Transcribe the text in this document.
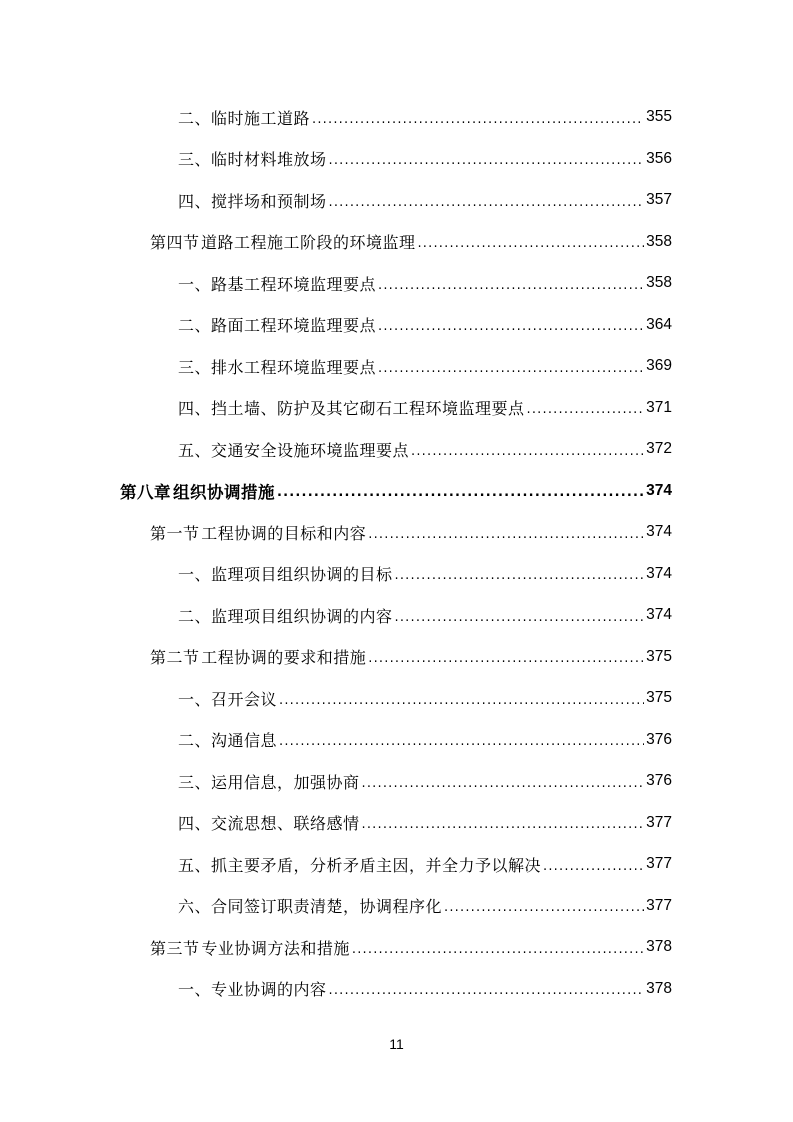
二、临时施工道路 .....	355
三、临时材料堆放场 .....	356
四、搅拌场和预制场 .....	357
第四节 道路工程施工阶段的环境监理 .....	358
一、路基工程环境监理要点 .....	358
二、路面工程环境监理要点 .....	364
三、排水工程环境监理要点 .....	369
四、挡土墙、防护及其它砌石工程环境监理要点 .....	371
五、交通安全设施环境监理要点 .....	372
第八章 组织协调措施 .....	374
第一节 工程协调的目标和内容 .....	374
一、监理项目组织协调的目标 .....	374
二、监理项目组织协调的内容 .....	374
第二节 工程协调的要求和措施 .....	375
一、召开会议 .....	375
二、沟通信息 .....	376
三、运用信息，加强协商 .....	376
四、交流思想、联络感情 .....	377
五、抓主要矛盾，分析矛盾主因，并全力予以解决 .....	377
六、合同签订职责清楚，协调程序化 .....	377
第三节 专业协调方法和措施 .....	378
一、专业协调的内容 .....	378
11
